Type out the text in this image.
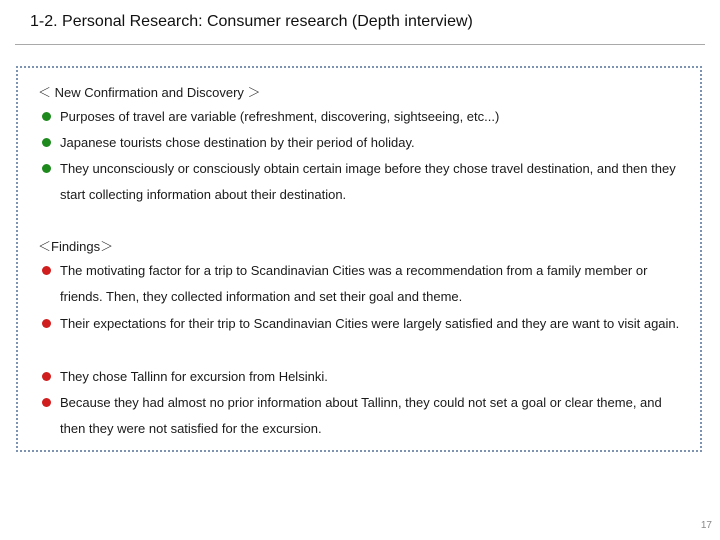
1-2. Personal Research: Consumer research (Depth interview)
＜ New Confirmation and Discovery ＞
Purposes of travel are variable (refreshment, discovering, sightseeing, etc...)
Japanese tourists chose destination by their period of holiday.
They unconsciously or consciously obtain certain image before they chose travel destination, and then they start collecting information about their destination.
＜Findings＞
The motivating factor for a trip to Scandinavian Cities was a recommendation from a family member or friends. Then, they collected information and set their goal and theme.
Their expectations for their trip to Scandinavian Cities were largely satisfied and they are want to visit again.
They chose Tallinn for excursion from Helsinki.
Because they had almost no prior information about Tallinn, they could not set a goal or clear theme, and then they were not satisfied for the excursion.
17
